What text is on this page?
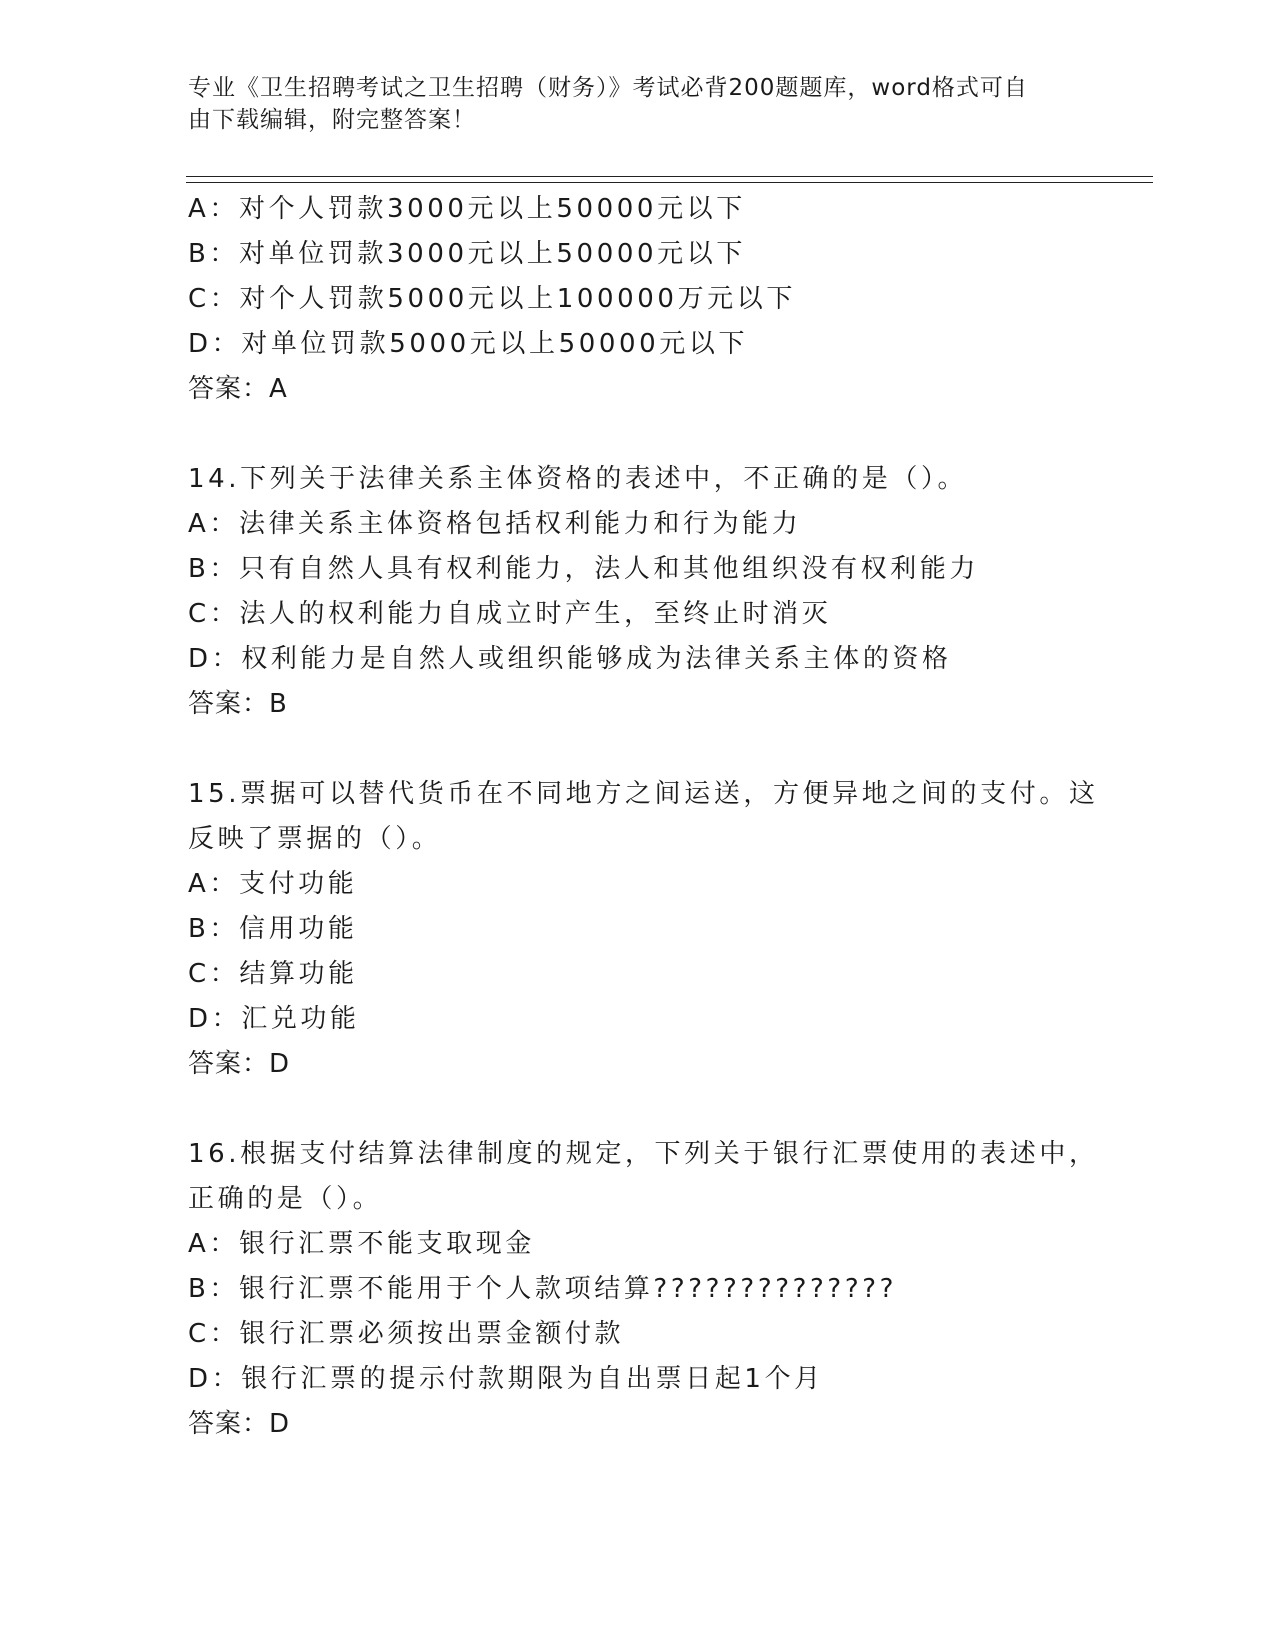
专业《卫生招聘考试之卫生招聘（财务）》考试必背200题题库，word格式可自
由下载编辑，附完整答案！
A：对个人罚款3000元以上50000元以下
B：对单位罚款3000元以上50000元以下
C：对个人罚款5000元以上100000万元以下
D：对单位罚款5000元以上50000元以下
答案：A
14.下列关于法律关系主体资格的表述中，不正确的是（）。
A：法律关系主体资格包括权利能力和行为能力
B：只有自然人具有权利能力，法人和其他组织没有权利能力
C：法人的权利能力自成立时产生，至终止时消灭
D：权利能力是自然人或组织能够成为法律关系主体的资格
答案：B
15.票据可以替代货币在不同地方之间运送，方便异地之间的支付。这
反映了票据的（）。
A：支付功能
B：信用功能
C：结算功能
D：汇兑功能
答案：D
16.根据支付结算法律制度的规定，下列关于银行汇票使用的表述中，
正确的是（）。
A：银行汇票不能支取现金
B：银行汇票不能用于个人款项结算??????????????
C：银行汇票必须按出票金额付款
D：银行汇票的提示付款期限为自出票日起1个月
答案：D
